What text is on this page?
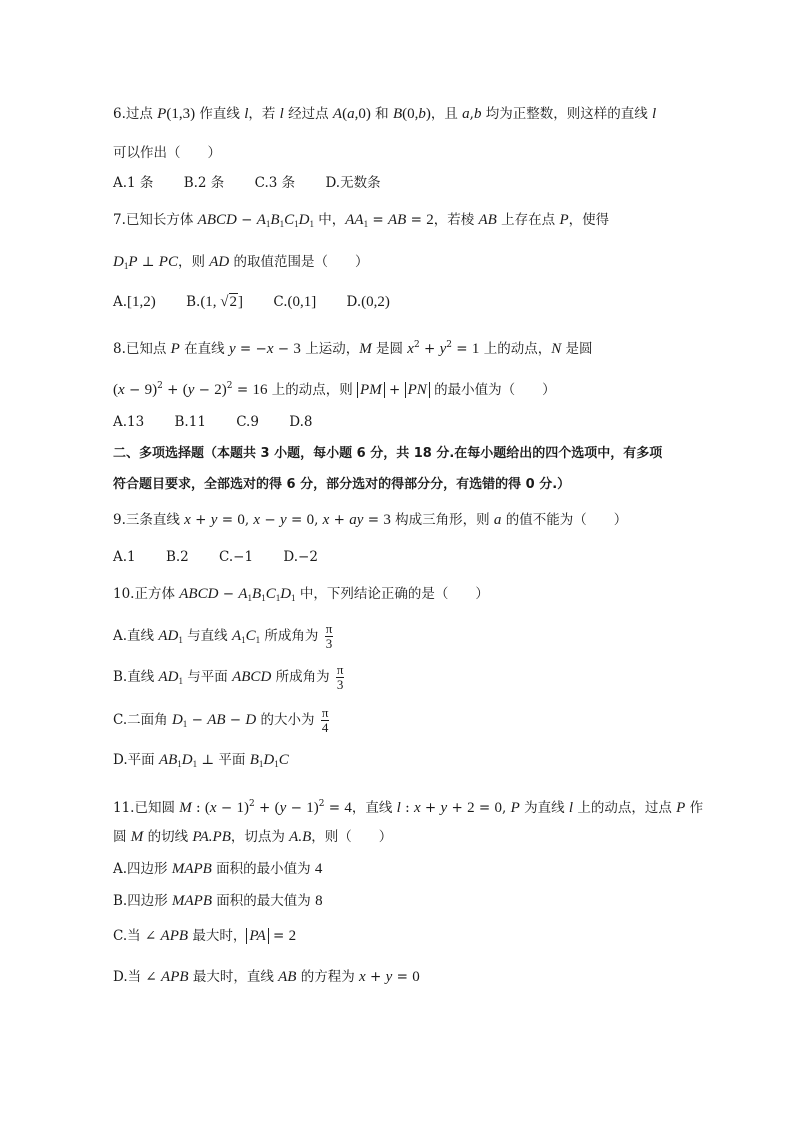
6.过点 P(1,3) 作直线 l，若 l 经过点 A(a,0) 和 B(0,b)，且 a,b 均为正整数，则这样的直线 l
可以作出（　　）
A.1 条 B.2 条 C.3 条 D.无数条
7.已知长方体 ABCD − $A_1B_1C_1D_1$ 中，$AA_1$ = AB = 2，若棱 AB 上存在点 P，使得
$D_1P$ ⊥ PC，则 AD 的取值范围是（　　）
A.[1,2) B.(1, √2] C.(0,1] D.(0,2)
8.已知点 P 在直线 y = −x − 3 上运动，M 是圆 $x^2 + y^2 = 1$ 上的动点，N 是圆
$(x - 9)^2 + (y - 2)^2 = 16$ 上的动点，则 PM + PN 的最小值为（　　）
A.13 B.11 C.9 D.8
二、多项选择题（本题共 3 小题，每小题 6 分，共 18 分.在每小题给出的四个选项中，有多项
符合题目要求，全部选对的得 6 分，部分选对的得部分分，有选错的得 0 分.）
9.三条直线 x + y = 0, x − y = 0, x + ay = 3 构成三角形，则 a 的值不能为（　　）
A.1 B.2 C.−1 D.−2
10.正方体 ABCD − $A_1B_1C_1D_1$ 中，下列结论正确的是（　　）
A.直线 $AD_1$ 与直线 $A_1C_1$ 所成角为 $\frac{\pi}{3}$
B.直线 $AD_1$ 与平面 ABCD 所成角为 $\frac{\pi}{3}$
C.二面角 $D_1$ − AB − D 的大小为 $\frac{\pi}{4}$
D.平面 $AB_1D_1$ ⊥ 平面 $B_1D_1C$
11.已知圆 M : $(x - 1)^2 + (y - 1)^2 = 4$，直线 l : x + y + 2 = 0, P 为直线 l 上的动点，过点 P 作
圆 M 的切线 PA.PB，切点为 A.B，则（　　）
A.四边形 MAPB 面积的最小值为 4
B.四边形 MAPB 面积的最大值为 8
C.当 ∠ APB 最大时， PA = 2
D.当 ∠ APB 最大时，直线 AB 的方程为 x + y = 0
